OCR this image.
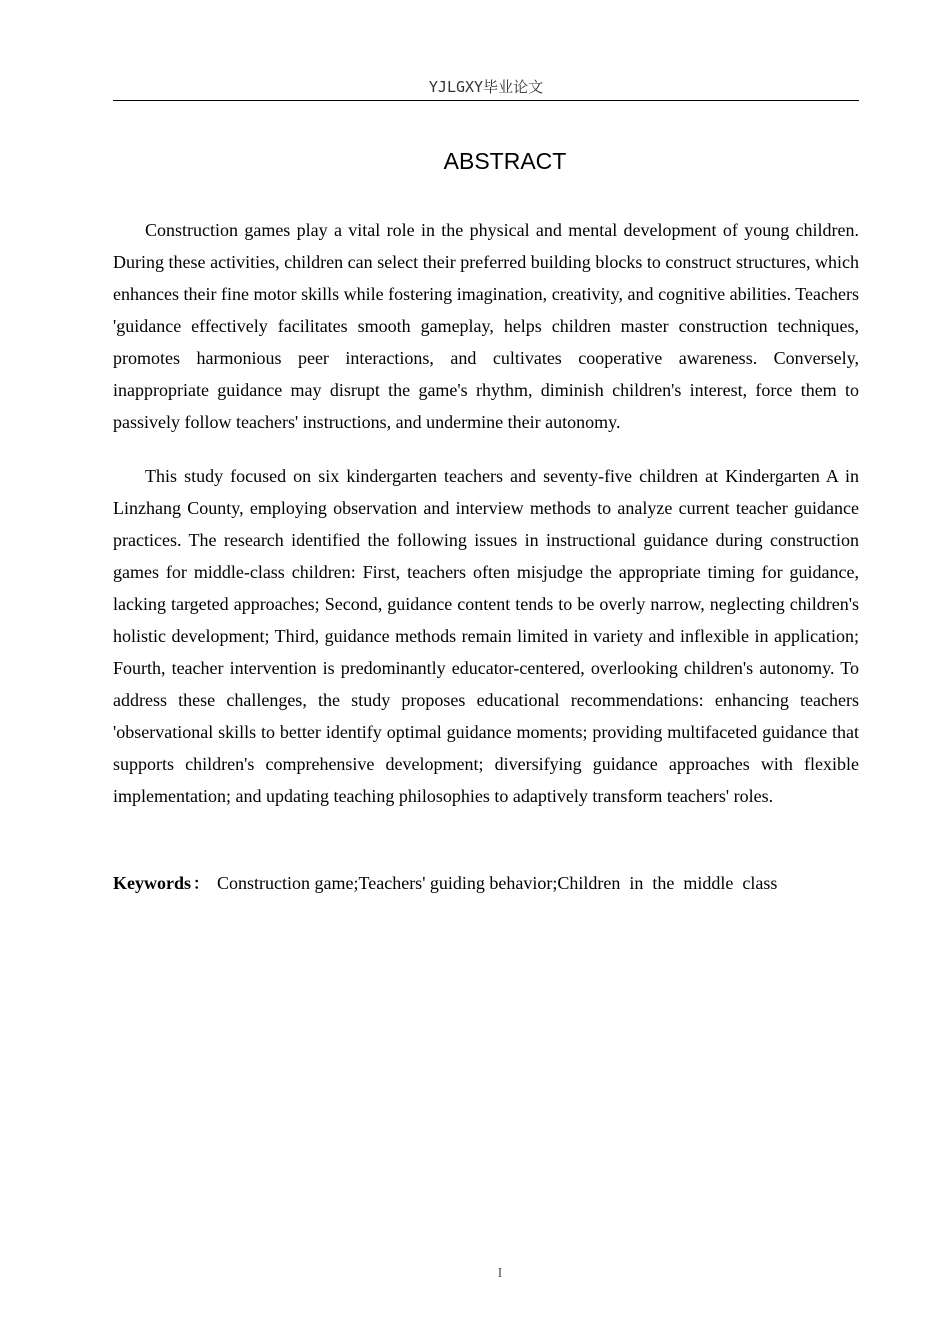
YJLGXY毕业论文
ABSTRACT

Construction games play a vital role in the physical and mental development of young children. During these activities, children can select their preferred building blocks to construct structures, which enhances their fine motor skills while fostering imagination, creativity, and cognitive abilities. Teachers 'guidance effectively facilitates smooth gameplay, helps children master construction techniques, promotes harmonious peer interactions, and cultivates cooperative awareness. Conversely, inappropriate guidance may disrupt the game's rhythm, diminish children's interest, force them to passively follow teachers' instructions, and undermine their autonomy.

This study focused on six kindergarten teachers and seventy-five children at Kindergarten A in Linzhang County, employing observation and interview methods to analyze current teacher guidance practices. The research identified the following issues in instructional guidance during construction games for middle-class children: First, teachers often misjudge the appropriate timing for guidance, lacking targeted approaches; Second, guidance content tends to be overly narrow, neglecting children's holistic development; Third, guidance methods remain limited in variety and inflexible in application; Fourth, teacher intervention is predominantly educator-centered, overlooking children's autonomy. To address these challenges, the study proposes educational recommendations: enhancing teachers 'observational skills to better identify optimal guidance moments; providing multifaceted guidance that supports children's comprehensive development; diversifying guidance approaches with flexible implementation; and updating teaching philosophies to adaptively transform teachers' roles.

Keywords ： Construction game;Teachers' guiding behavior;Children  in  the  middle  class

I
